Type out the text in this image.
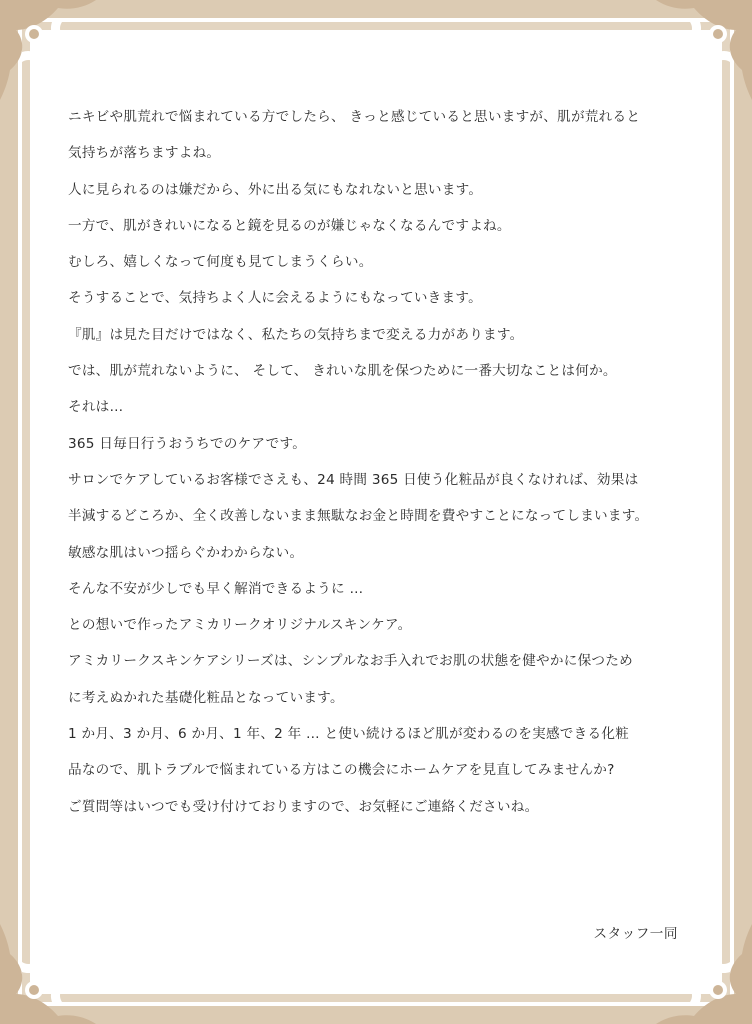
ニキビや肌荒れで悩まれている方でしたら、 きっと感じていると思いますが、肌が荒れると

気持ちが落ちますよね。

人に見られるのは嫌だから、外に出る気にもなれないと思います。

一方で、肌がきれいになると鏡を見るのが嫌じゃなくなるんですよね。

むしろ、嬉しくなって何度も見てしまうくらい。

そうすることで、気持ちよく人に会えるようにもなっていきます。

『肌』は見た目だけではなく、私たちの気持ちまで変える力があります。

では、肌が荒れないように、 そして、 きれいな肌を保つために一番大切なことは何か。

それは…

365 日毎日行うおうちでのケアです。

サロンでケアしているお客様でさえも、24 時間 365 日使う化粧品が良くなければ、効果は

半減するどころか、全く改善しないまま無駄なお金と時間を費やすことになってしまいます。

敏感な肌はいつ揺らぐかわからない。

そんな不安が少しでも早く解消できるように …

との想いで作ったアミカリークオリジナルスキンケア。

アミカリークスキンケアシリーズは、シンプルなお手入れでお肌の状態を健やかに保つため

に考えぬかれた基礎化粧品となっています。

1 か月、3 か月、6 か月、1 年、2 年 … と使い続けるほど肌が変わるのを実感できる化粧

品なので、肌トラブルで悩まれている方はこの機会にホームケアを見直してみませんか?

ご質問等はいつでも受け付けておりますので、お気軽にご連絡くださいね。

スタッフ一同
